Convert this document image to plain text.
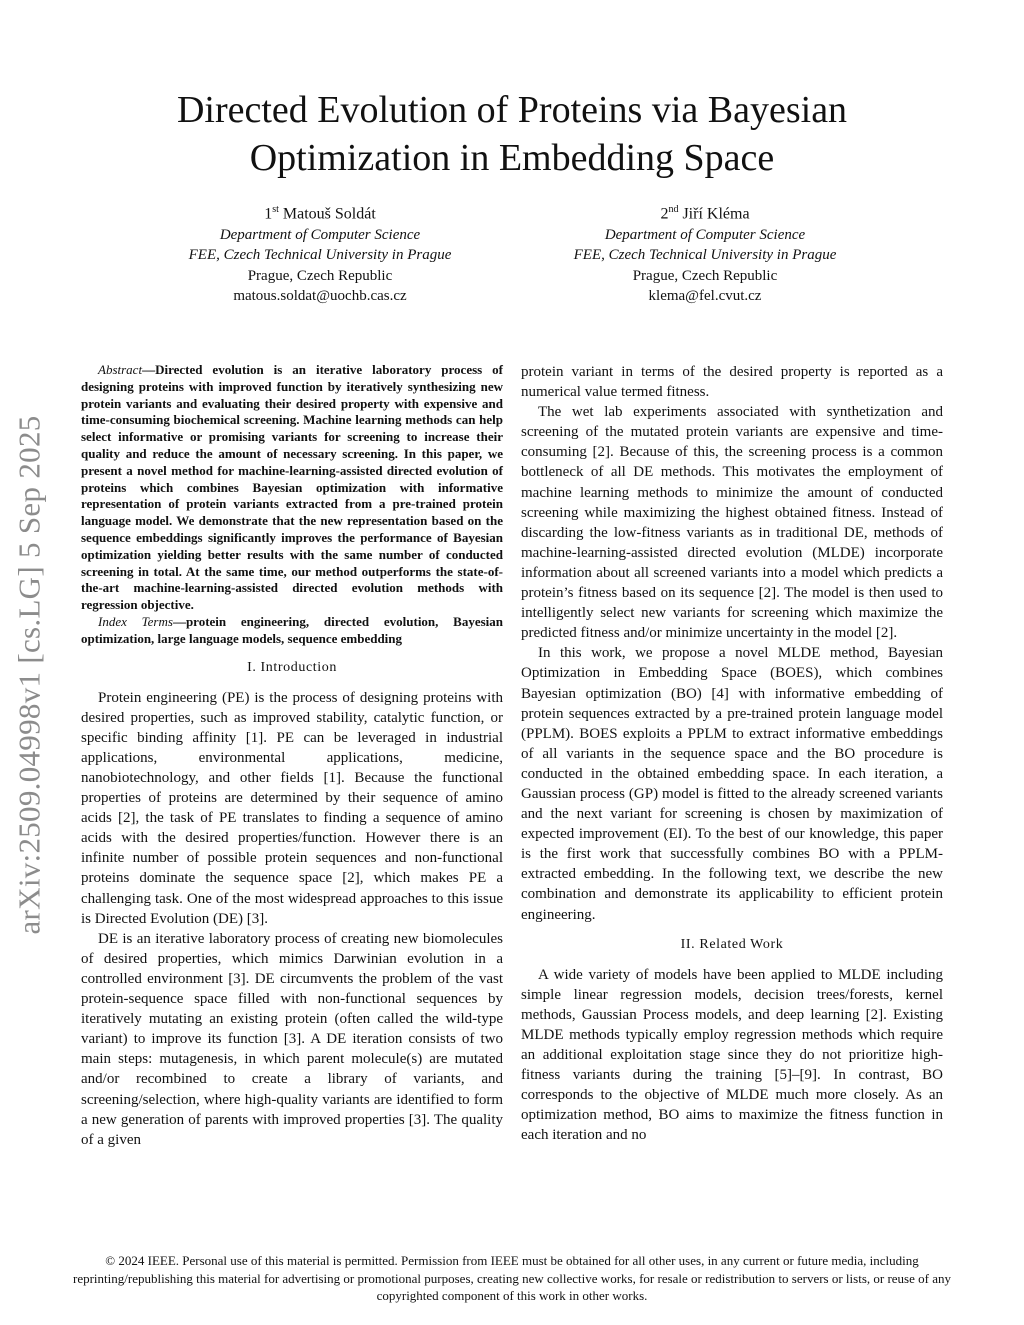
arXiv:2509.04998v1 [cs.LG] 5 Sep 2025
Directed Evolution of Proteins via Bayesian
Optimization in Embedding Space
1st Matouš Soldát
Department of Computer Science
FEE, Czech Technical University in Prague
Prague, Czech Republic
matous.soldat@uochb.cas.cz
2nd Jiří Kléma
Department of Computer Science
FEE, Czech Technical University in Prague
Prague, Czech Republic
klema@fel.cvut.cz

Abstract—Directed evolution is an iterative laboratory process of designing proteins with improved function by iteratively synthesizing new protein variants and evaluating their desired property with expensive and time-consuming biochemical screening. Machine learning methods can help select informative or promising variants for screening to increase their quality and reduce the amount of necessary screening. In this paper, we present a novel method for machine-learning-assisted directed evolution of proteins which combines Bayesian optimization with informative representation of protein variants extracted from a pre-trained protein language model. We demonstrate that the new representation based on the sequence embeddings significantly improves the performance of Bayesian optimization yielding better results with the same number of conducted screening in total. At the same time, our method outperforms the state-of-the-art machine-learning-assisted directed evolution methods with regression objective.

Index Terms—protein engineering, directed evolution, Bayesian optimization, large language models, sequence embedding

I. Introduction

Protein engineering (PE) is the process of designing proteins with desired properties, such as improved stability, catalytic function, or specific binding affinity [1]. PE can be leveraged in industrial applications, environmental applications, medicine, nanobiotechnology, and other fields [1]. Because the functional properties of proteins are determined by their sequence of amino acids [2], the task of PE translates to finding a sequence of amino acids with the desired properties/function. However there is an infinite number of possible protein sequences and non-functional proteins dominate the sequence space [2], which makes PE a challenging task. One of the most widespread approaches to this issue is Directed Evolution (DE) [3].

DE is an iterative laboratory process of creating new biomolecules of desired properties, which mimics Darwinian evolution in a controlled environment [3]. DE circumvents the problem of the vast protein-sequence space filled with non-functional sequences by iteratively mutating an existing protein (often called the wild-type variant) to improve its function [3]. A DE iteration consists of two main steps: mutagenesis, in which parent molecule(s) are mutated and/or recombined to create a library of variants, and screening/selection, where high-quality variants are identified to form a new generation of parents with improved properties [3]. The quality of a given

protein variant in terms of the desired property is reported as a numerical value termed fitness.

The wet lab experiments associated with synthetization and screening of the mutated protein variants are expensive and time-consuming [2]. Because of this, the screening process is a common bottleneck of all DE methods. This motivates the employment of machine learning methods to minimize the amount of conducted screening while maximizing the highest obtained fitness. Instead of discarding the low-fitness variants as in traditional DE, methods of machine-learning-assisted directed evolution (MLDE) incorporate information about all screened variants into a model which predicts a protein’s fitness based on its sequence [2]. The model is then used to intelligently select new variants for screening which maximize the predicted fitness and/or minimize uncertainty in the model [2].

In this work, we propose a novel MLDE method, Bayesian Optimization in Embedding Space (BOES), which combines Bayesian optimization (BO) [4] with informative embedding of protein sequences extracted by a pre-trained protein language model (PPLM). BOES exploits a PPLM to extract informative embeddings of all variants in the sequence space and the BO procedure is conducted in the obtained embedding space. In each iteration, a Gaussian process (GP) model is fitted to the already screened variants and the next variant for screening is chosen by maximization of expected improvement (EI). To the best of our knowledge, this paper is the first work that successfully combines BO with a PPLM-extracted embedding. In the following text, we describe the new combination and demonstrate its applicability to efficient protein engineering.

II. Related Work

A wide variety of models have been applied to MLDE including simple linear regression models, decision trees/forests, kernel methods, Gaussian Process models, and deep learning [2]. Existing MLDE methods typically employ regression methods which require an additional exploitation stage since they do not prioritize high-fitness variants during the training [5]–[9]. In contrast, BO corresponds to the objective of MLDE much more closely. As an optimization method, BO aims to maximize the fitness function in each iteration and no

© 2024 IEEE. Personal use of this material is permitted. Permission from IEEE must be obtained for all other uses, in any current or future media, including reprinting/republishing this material for advertising or promotional purposes, creating new collective works, for resale or redistribution to servers or lists, or reuse of any copyrighted component of this work in other works.
